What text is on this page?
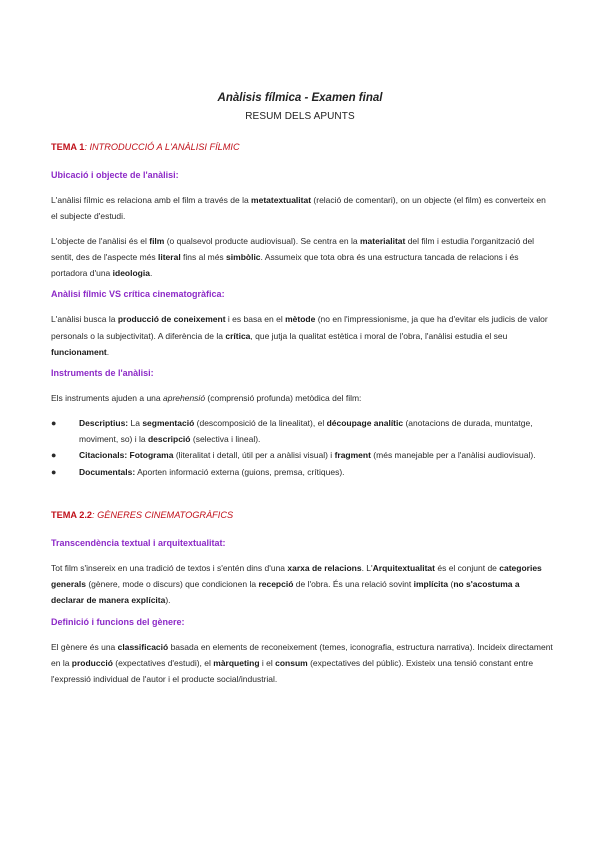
Anàlisis fílmica - Examen final
RESUM DELS APUNTS
TEMA 1: INTRODUCCIÓ A L'ANÀLISI FÍLMIC
Ubicació i objecte de l'anàlisi:

L'anàlisi fílmic es relaciona amb el film a través de la metatextualitat (relació de comentari), on un objecte (el film) es converteix en el subjecte d'estudi.

L'objecte de l'anàlisi és el film (o qualsevol producte audiovisual). Se centra en la materialitat del film i estudia l'organització del sentit, des de l'aspecte més literal fins al més simbòlic. Assumeix que tota obra és una estructura tancada de relacions i és portadora d'una ideologia.

Anàlisi fílmic VS crítica cinematogràfica:

L'anàlisi busca la producció de coneixement i es basa en el mètode (no en l'impressionisme, ja que ha d'evitar els judicis de valor personals o la subjectivitat). A diferència de la crítica, que jutja la qualitat estètica i moral de l'obra, l'anàlisi estudia el seu funcionament.

Instruments de l'anàlisi:

Els instruments ajuden a una aprehensió (comprensió profunda) metòdica del film:

●	Descriptius: La segmentació (descomposició de la linealitat), el découpage analític (anotacions de durada, muntatge, moviment, so) i la descripció (selectiva i lineal).
●	Citacionals: Fotograma (literalitat i detall, útil per a anàlisi visual) i fragment (més manejable per a l'anàlisi audiovisual).
●	Documentals: Aporten informació externa (guions, premsa, crítiques).
TEMA 2.2: GÈNERES CINEMATOGRÀFICS
Transcendència textual i arquitextualitat:

Tot film s'insereix en una tradició de textos i s'entén dins d'una xarxa de relacions. L'Arquitextualitat és el conjunt de categories generals (gènere, mode o discurs) que condicionen la recepció de l'obra. És una relació sovint implícita (no s'acostuma a declarar de manera explícita).

Definició i funcions del gènere:

El gènere és una classificació basada en elements de reconeixement (temes, iconografia, estructura narrativa). Incideix directament en la producció (expectatives d'estudi), el màrqueting i el consum (expectatives del públic). Existeix una tensió constant entre l'expressió individual de l'autor i el producte social/industrial.
